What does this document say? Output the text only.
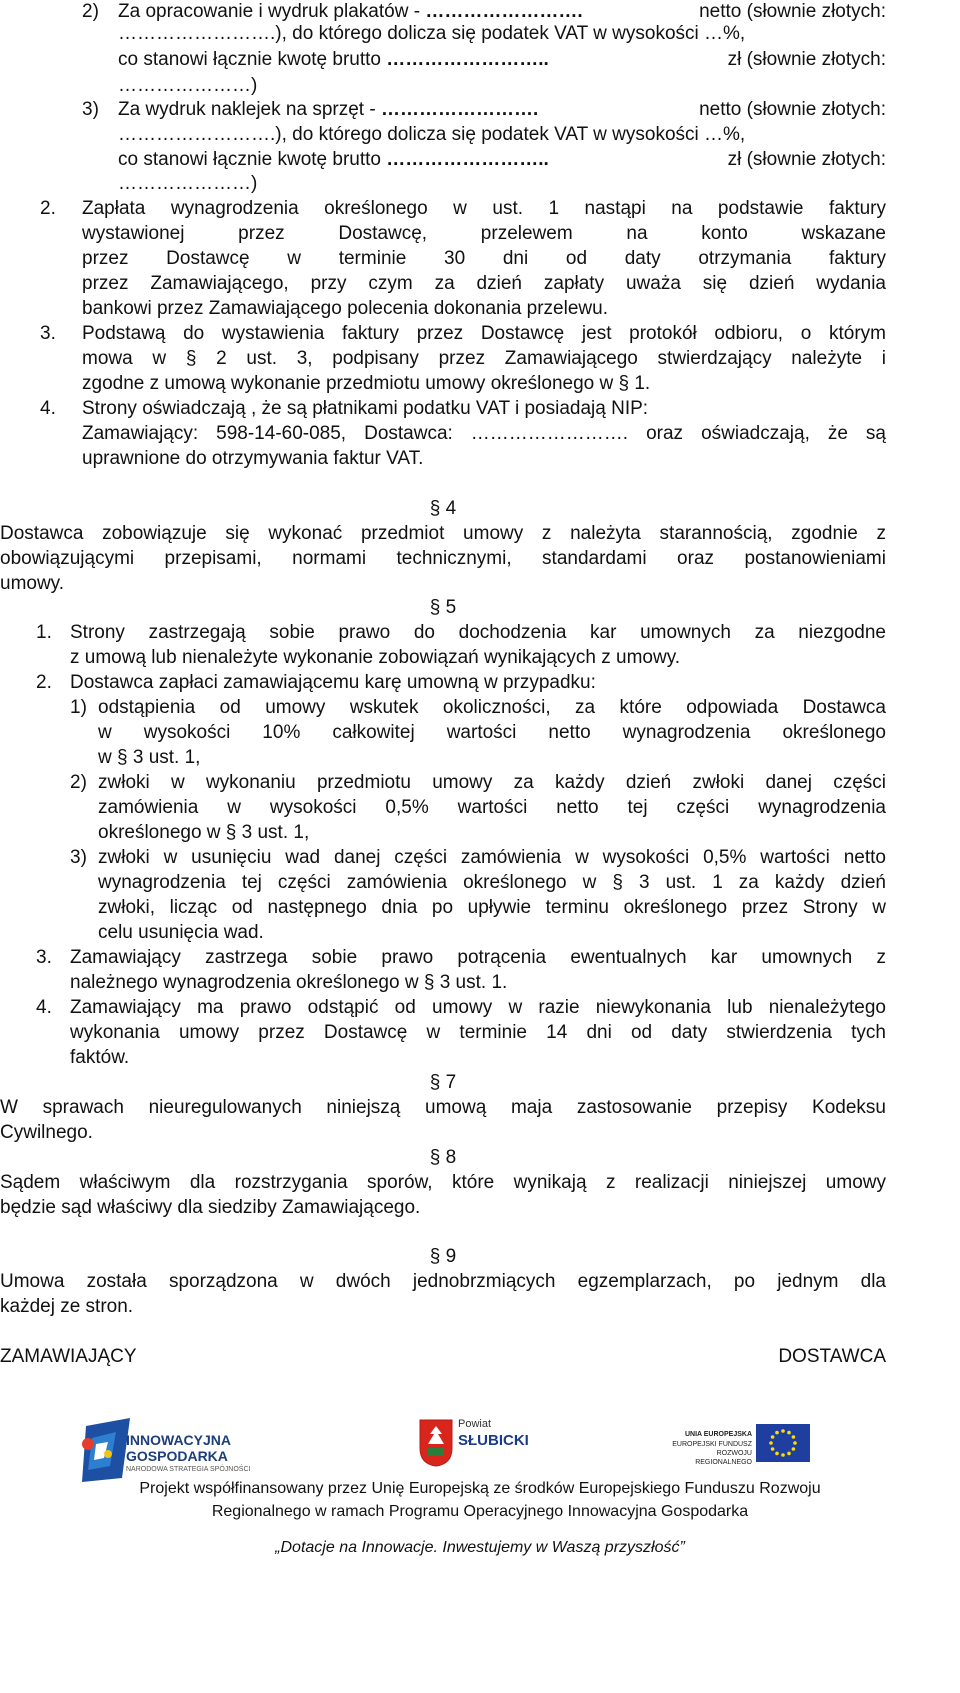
2) Za opracowanie i wydruk plakatów - …………………….	netto (słownie złotych:
…………………….), do którego dolicza się podatek VAT w wysokości …%,
co stanowi łącznie kwotę brutto ……………………..	zł (słownie złotych:
…………………)
3) Za wydruk naklejek na sprzęt - …………………….	netto (słownie złotych:
…………………….), do którego dolicza się podatek VAT w wysokości …%,
co stanowi łącznie kwotę brutto ……………………..	zł (słownie złotych:
…………………)
2. Zapłata wynagrodzenia określonego w ust. 1 nastąpi na podstawie faktury
wystawionej przez Dostawcę, przelewem na konto wskazane
przez Dostawcę w terminie 30 dni od daty otrzymania faktury
przez Zamawiającego, przy czym za dzień zapłaty uważa się dzień wydania
bankowi przez Zamawiającego polecenia dokonania przelewu.
3. Podstawą do wystawienia faktury przez Dostawcę jest protokół odbioru, o którym
mowa w § 2 ust. 3, podpisany przez Zamawiającego stwierdzający należyte i
zgodne z umową wykonanie przedmiotu umowy określonego w § 1.
4. Strony oświadczają , że są płatnikami podatku VAT i posiadają NIP:
Zamawiający: 598-14-60-085, Dostawca: ……………………. oraz oświadczają, że są
uprawnione do otrzymywania faktur VAT.
§ 4
Dostawca zobowiązuje się wykonać przedmiot umowy z należyta starannością, zgodnie z
obowiązującymi przepisami, normami technicznymi, standardami oraz postanowieniami
umowy.
§ 5
1. Strony zastrzegają sobie prawo do dochodzenia kar umownych za niezgodne
z umową lub nienależyte wykonanie zobowiązań wynikających z umowy.
2. Dostawca zapłaci zamawiającemu karę umowną w przypadku:
1) odstąpienia od umowy wskutek okoliczności, za które odpowiada Dostawca
w wysokości 10% całkowitej wartości netto wynagrodzenia określonego
w § 3 ust. 1,
2) zwłoki w wykonaniu przedmiotu umowy za każdy dzień zwłoki danej części
zamówienia w wysokości 0,5% wartości netto tej części wynagrodzenia
określonego w § 3 ust. 1,
3) zwłoki w usunięciu wad danej części zamówienia w wysokości 0,5% wartości netto
wynagrodzenia tej części zamówienia określonego w § 3 ust. 1 za każdy dzień
zwłoki, licząc od następnego dnia po upływie terminu określonego przez Strony w
celu usunięcia wad.
3. Zamawiający zastrzega sobie prawo potrącenia ewentualnych kar umownych z
należnego wynagrodzenia określonego w § 3 ust. 1.
4. Zamawiający ma prawo odstąpić od umowy w razie niewykonania lub nienależytego
wykonania umowy przez Dostawcę w terminie 14 dni od daty stwierdzenia tych
faktów.
§ 7
W sprawach nieuregulowanych niniejszą umową maja zastosowanie przepisy Kodeksu
Cywilnego.
§ 8
Sądem właściwym dla rozstrzygania sporów, które wynikają z realizacji niniejszej umowy
będzie sąd właściwy dla siedziby Zamawiającego.
§ 9
Umowa została sporządzona w dwóch jednobrzmiących egzemplarzach, po jednym dla
każdej ze stron.
ZAMAWIAJĄCY	DOSTAWCA
INNOWACYJNA
GOSPODARKA
NARODOWA STRATEGIA SPÓJNOŚCI
Powiat
SŁUBICKI	UNIA EUROPEJSKA
EUROPEJSKI FUNDUSZ
ROZWOJU REGIONALNEGO
Projekt współfinansowany przez Unię Europejską ze środków Europejskiego Funduszu Rozwoju
Regionalnego w ramach Programu Operacyjnego Innowacyjna Gospodarka
„Dotacje na Innowacje. Inwestujemy w Waszą przyszłość”
